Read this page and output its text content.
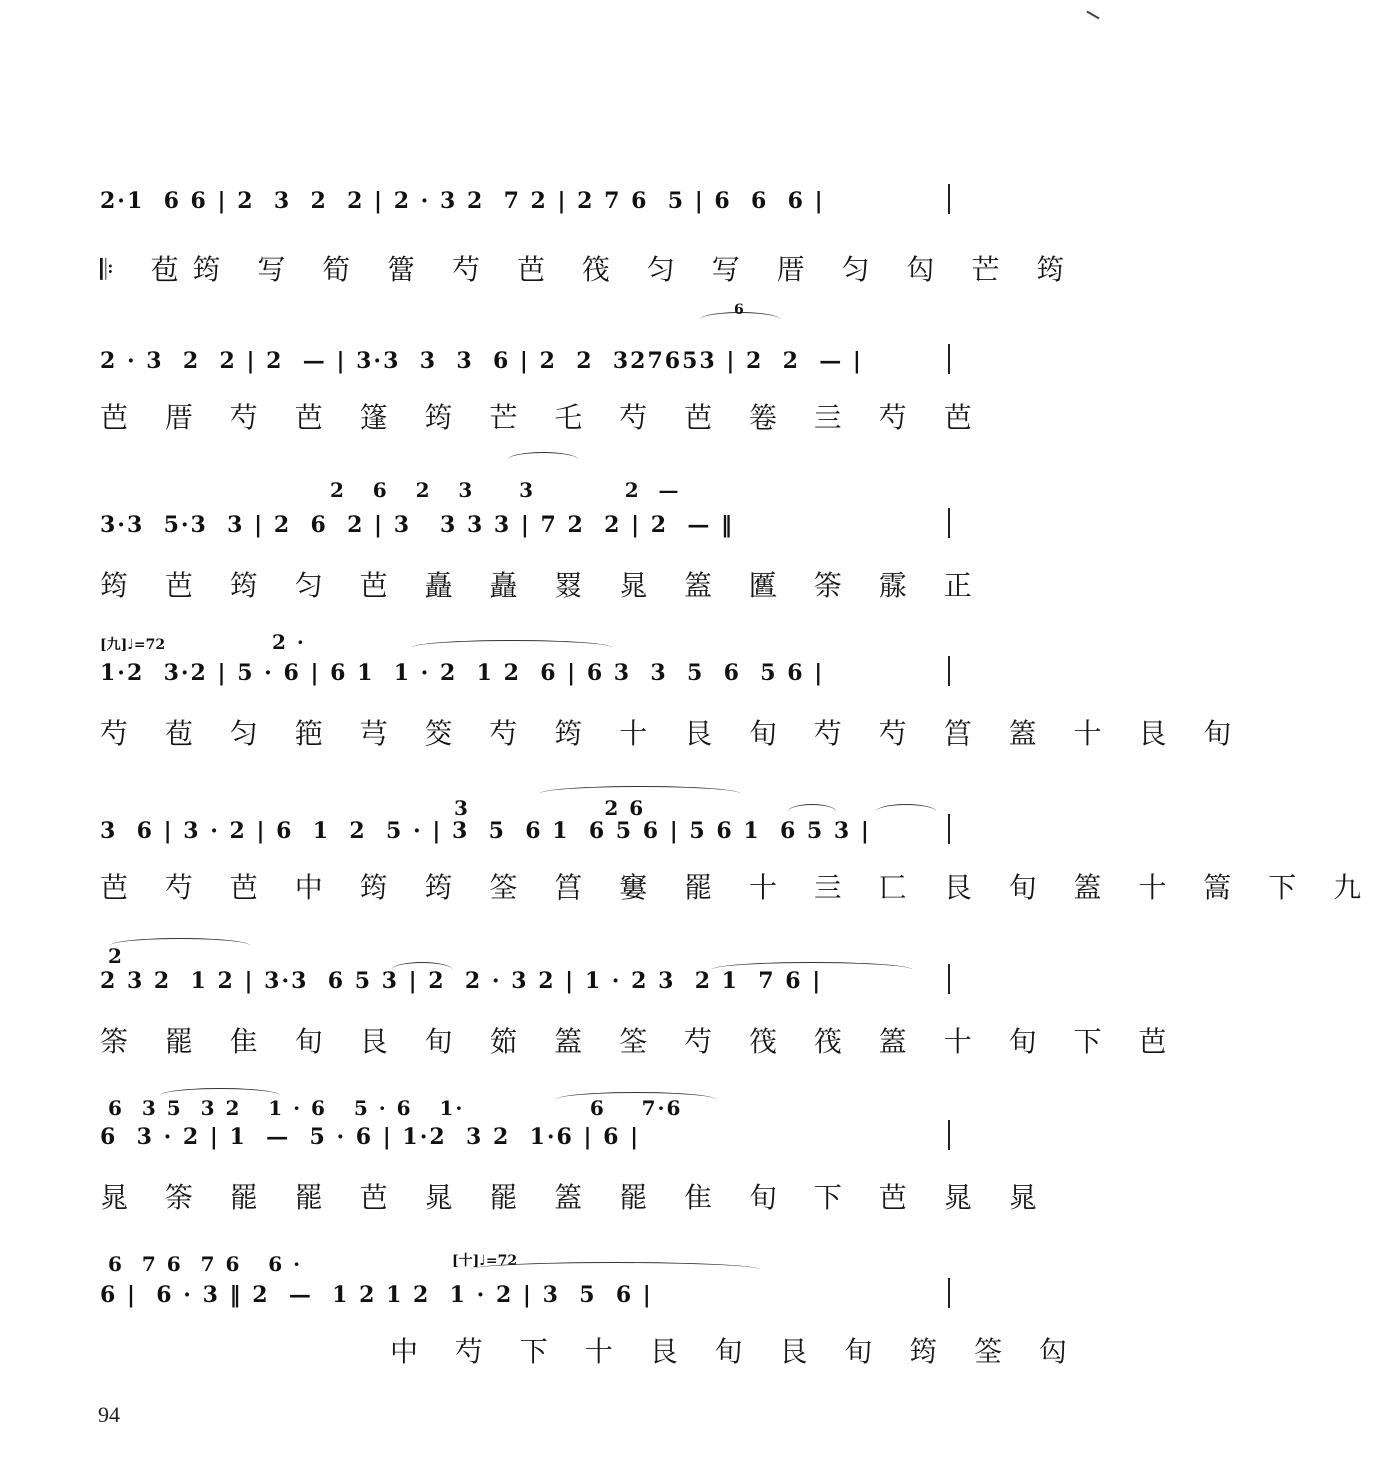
2·1  6 6 | 2  3  2  2 | 2 · 3 2  7 2 | 2 7 6  5 | 6  6  6 |
𝄆 苞筠 写 筍 簹 芍 芭 筏 匀 写 厝 匀 匃 芒 筠
6
2 · 3  2  2 | 2  — | 3·3  3  3  6 | 2  2  327653 | 2  2  — |
芭 厝 芍 芭 篷 筠 芒 乇 芍 芭 箞 亖 芍 芭
2   6   2   3     3          2  —
3·3  5·3  3 | 2  6  2 | 3   3 3 3 | 7 2  2 | 2  — ‖
筠 芭 筠 匀 芭 矗 矗 罬 晁 篕 匶 筡 霡 正
[九]♩=72	2 ·
1·2  3·2 | 5 · 6 | 6 1  1 · 2  1 2  6 | 6 3  3  5  6  5 6 |
芍 苞 匀 筢 芎 筊 芍 筠 十 艮 旬 芍 芍 筥 篕 十 艮 旬
3               2 6
3  6 | 3 · 2 | 6  1  2  5 · | 3  5  6 1  6 5 6 | 5 6 1  6 5 3 |
芭 芍 芭 中 筠 筠 筌 筥 窶 罷 十 亖 匸 艮 旬 篕 十 篙 下 九
2
2 3 2  1 2 | 3·3  6 5 3 | 2  2 · 3 2 | 1 · 2 3  2 1  7 6 |
筡 罷 隹 旬 艮 旬 筎 篕 筌 芍 筏 筏 篕 十 旬 下 芭
6  3 5  3 2   1 · 6   5 · 6   1·              6    7·6
6  3 · 2 | 1  —  5 · 6 | 1·2  3 2  1·6 | 6 |
晁 筡 罷 罷 芭 晁 罷 篕 罷 隹 旬 下 芭 晁 晁
[十]♩=72
6  7 6  7 6   6 ·
6 |  6 · 3 ‖ 2  —  1 2 1 2  1 · 2 | 3  5  6 |
中 芍 下 十 艮 旬 艮 旬 筠 筌 匃
94
